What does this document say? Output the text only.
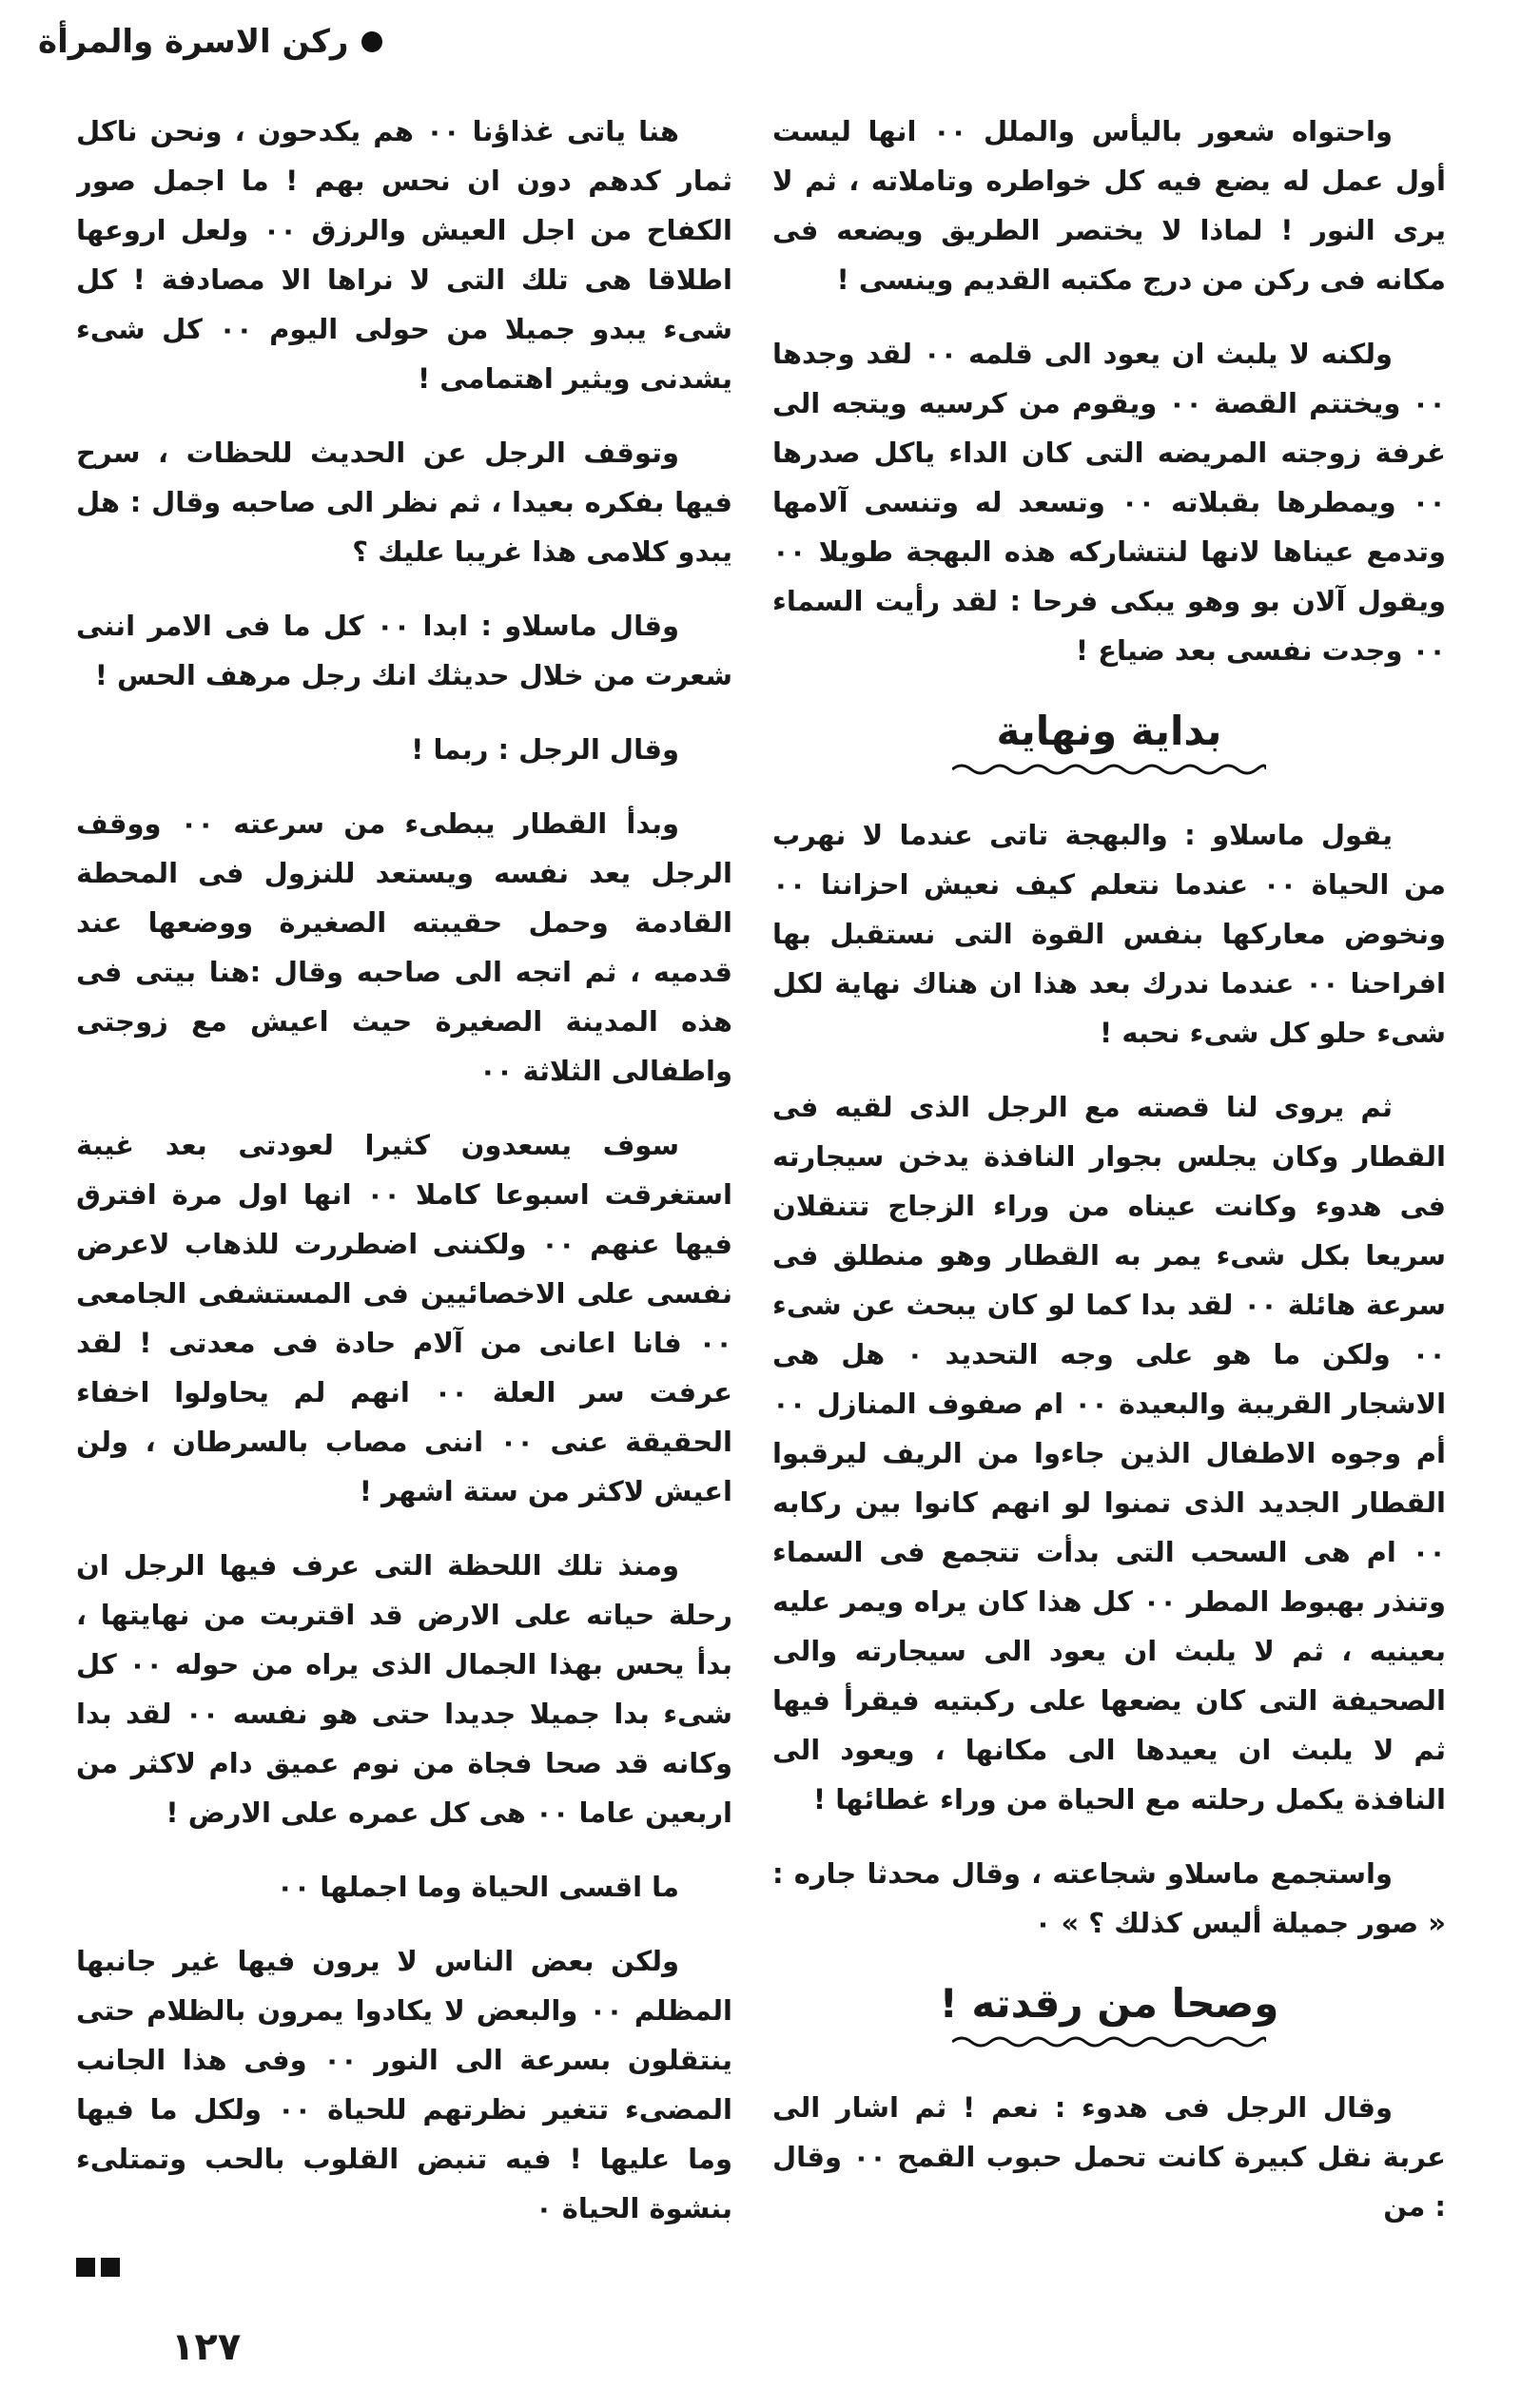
ركن الاسرة والمرأة

واحتواه شعور باليأس والملل ٠٠ انها ليست أول عمل له يضع فيه كل خواطره وتاملاته ، ثم لا يرى النور ! لماذا لا يختصر الطريق ويضعه فى مكانه فى ركن من درج مكتبه القديم وينسى !

ولكنه لا يلبث ان يعود الى قلمه ٠٠ لقد وجدها ٠٠ ويختتم القصة ٠٠ ويقوم من كرسيه ويتجه الى غرفة زوجته المريضه التى كان الداء ياكل صدرها ٠٠ ويمطرها بقبلاته ٠٠ وتسعد له وتنسى آلامها وتدمع عيناها لانها لنتشاركه هذه البهجة طويلا ٠٠ ويقول آلان بو وهو يبكى فرحا : لقد رأيت السماء ٠٠ وجدت نفسى بعد ضياع !

بداية ونهاية

يقول ماسلاو : والبهجة تاتى عندما لا نهرب من الحياة ٠٠ عندما نتعلم كيف نعيش احزاننا ٠٠ ونخوض معاركها بنفس القوة التى نستقبل بها افراحنا ٠٠ عندما ندرك بعد هذا ان هناك نهاية لكل شىء حلو كل شىء نحبه !

ثم يروى لنا قصته مع الرجل الذى لقيه فى القطار وكان يجلس بجوار النافذة يدخن سيجارته فى هدوء وكانت عيناه من وراء الزجاج تتنقلان سريعا بكل شىء يمر به القطار وهو منطلق فى سرعة هائلة ٠٠ لقد بدا كما لو كان يبحث عن شىء ٠٠ ولكن ما هو على وجه التحديد ٠ هل هى الاشجار القريبة والبعيدة ٠٠ ام صفوف المنازل ٠٠ أم وجوه الاطفال الذين جاءوا من الريف ليرقبوا القطار الجديد الذى تمنوا لو انهم كانوا بين ركابه ٠٠ ام هى السحب التى بدأت تتجمع فى السماء وتنذر بهبوط المطر ٠٠ كل هذا كان يراه ويمر عليه بعينيه ، ثم لا يلبث ان يعود الى سيجارته والى الصحيفة التى كان يضعها على ركبتيه فيقرأ فيها ثم لا يلبث ان يعيدها الى مكانها ، ويعود الى النافذة يكمل رحلته مع الحياة من وراء غطائها !

واستجمع ماسلاو شجاعته ، وقال محدثا جاره : « صور جميلة أليس كذلك ؟ » ٠

وصحا من رقدته !

وقال الرجل فى هدوء : نعم ! ثم اشار الى عربة نقل كبيرة كانت تحمل حبوب القمح ٠٠ وقال : من

هنا ياتى غذاؤنا ٠٠ هم يكدحون ، ونحن ناكل ثمار كدهم دون ان نحس بهم ! ما اجمل صور الكفاح من اجل العيش والرزق ٠٠ ولعل اروعها اطلاقا هى تلك التى لا نراها الا مصادفة ! كل شىء يبدو جميلا من حولى اليوم ٠٠ كل شىء يشدنى ويثير اهتمامى !

وتوقف الرجل عن الحديث للحظات ، سرح فيها بفكره بعيدا ، ثم نظر الى صاحبه وقال : هل يبدو كلامى هذا غريبا عليك ؟

وقال ماسلاو : ابدا ٠٠ كل ما فى الامر اننى شعرت من خلال حديثك انك رجل مرهف الحس !

وقال الرجل : ربما !

وبدأ القطار يبطىء من سرعته ٠٠ ووقف الرجل يعد نفسه ويستعد للنزول فى المحطة القادمة وحمل حقيبته الصغيرة ووضعها عند قدميه ، ثم اتجه الى صاحبه وقال :هنا بيتى فى هذه المدينة الصغيرة حيث اعيش مع زوجتى واطفالى الثلاثة ٠٠

سوف يسعدون كثيرا لعودتى بعد غيبة استغرقت اسبوعا كاملا ٠٠ انها اول مرة افترق فيها عنهم ٠٠ ولكننى اضطررت للذهاب لاعرض نفسى على الاخصائيين فى المستشفى الجامعى ٠٠ فانا اعانى من آلام حادة فى معدتى ! لقد عرفت سر العلة ٠٠ انهم لم يحاولوا اخفاء الحقيقة عنى ٠٠ اننى مصاب بالسرطان ، ولن اعيش لاكثر من ستة اشهر !

ومنذ تلك اللحظة التى عرف فيها الرجل ان رحلة حياته على الارض قد اقتربت من نهايتها ، بدأ يحس بهذا الجمال الذى يراه من حوله ٠٠ كل شىء بدا جميلا جديدا حتى هو نفسه ٠٠ لقد بدا وكانه قد صحا فجاة من نوم عميق دام لاكثر من اربعين عاما ٠٠ هى كل عمره على الارض !

ما اقسى الحياة وما اجملها ٠٠

ولكن بعض الناس لا يرون فيها غير جانبها المظلم ٠٠ والبعض لا يكادوا يمرون بالظلام حتى ينتقلون بسرعة الى النور ٠٠ وفى هذا الجانب المضىء تتغير نظرتهم للحياة ٠٠ ولكل ما فيها وما عليها ! فيه تنبض القلوب بالحب وتمتلىء بنشوة الحياة ٠

١٢٧
